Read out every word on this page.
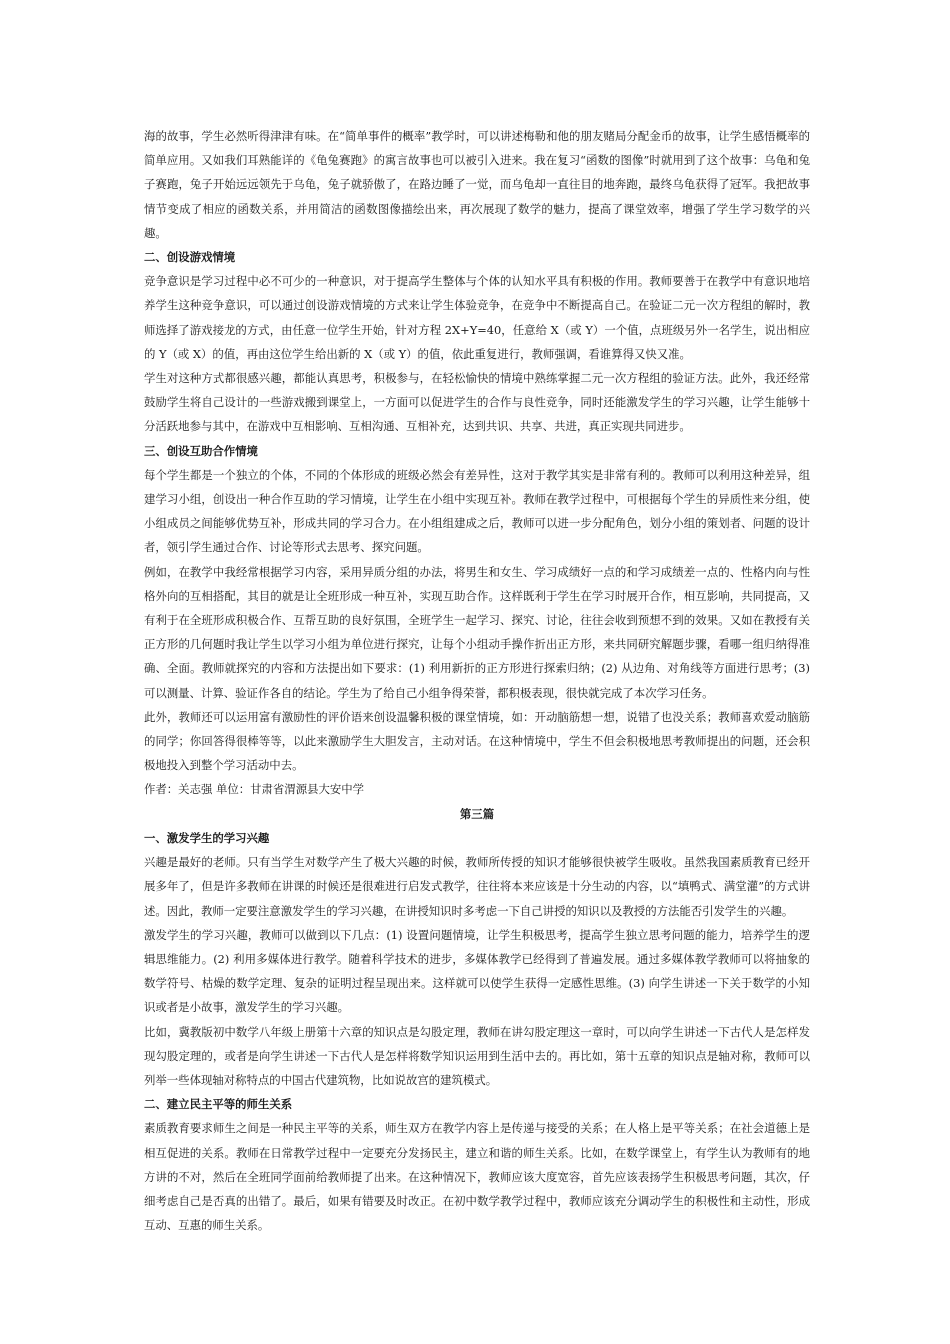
海的故事，学生必然听得津津有味。在“简单事件的概率”教学时，可以讲述梅勒和他的朋友赌局分配金币的故事，让学生感悟概率的简单应用。又如我们耳熟能详的《龟兔赛跑》的寓言故事也可以被引入进来。我在复习“函数的图像”时就用到了这个故事：乌龟和兔子赛跑，兔子开始远远领先于乌龟，兔子就骄傲了，在路边睡了一觉，而乌龟却一直往目的地奔跑，最终乌龟获得了冠军。我把故事情节变成了相应的函数关系，并用简洁的函数图像描绘出来，再次展现了数学的魅力，提高了课堂效率，增强了学生学习数学的兴趣。

二、创设游戏情境

竞争意识是学习过程中必不可少的一种意识，对于提高学生整体与个体的认知水平具有积极的作用。教师要善于在教学中有意识地培养学生这种竞争意识，可以通过创设游戏情境的方式来让学生体验竞争，在竞争中不断提高自己。在验证二元一次方程组的解时，教师选择了游戏接龙的方式，由任意一位学生开始，针对方程 2X+Y=40，任意给 X（或 Y）一个值，点班级另外一名学生，说出相应的 Y（或 X）的值，再由这位学生给出新的 X（或 Y）的值，依此重复进行，教师强调，看谁算得又快又准。

学生对这种方式都很感兴趣，都能认真思考，积极参与，在轻松愉快的情境中熟练掌握二元一次方程组的验证方法。此外，我还经常鼓励学生将自己设计的一些游戏搬到课堂上，一方面可以促进学生的合作与良性竞争，同时还能激发学生的学习兴趣，让学生能够十分活跃地参与其中，在游戏中互相影响、互相沟通、互相补充，达到共识、共享、共进，真正实现共同进步。

三、创设互助合作情境

每个学生都是一个独立的个体，不同的个体形成的班级必然会有差异性，这对于教学其实是非常有利的。教师可以利用这种差异，组建学习小组，创设出一种合作互助的学习情境，让学生在小组中实现互补。教师在教学过程中，可根据每个学生的异质性来分组，使小组成员之间能够优势互补，形成共同的学习合力。在小组组建成之后，教师可以进一步分配角色，划分小组的策划者、问题的设计者，领引学生通过合作、讨论等形式去思考、探究问题。

例如，在教学中我经常根据学习内容，采用异质分组的办法，将男生和女生、学习成绩好一点的和学习成绩差一点的、性格内向与性格外向的互相搭配，其目的就是让全班形成一种互补，实现互助合作。这样既利于学生在学习时展开合作，相互影响，共同提高，又有利于在全班形成积极合作、互帮互助的良好氛围，全班学生一起学习、探究、讨论，往往会收到预想不到的效果。又如在教授有关正方形的几何题时我让学生以学习小组为单位进行探究，让每个小组动手操作折出正方形，来共同研究解题步骤，看哪一组归纳得准确、全面。教师就探究的内容和方法提出如下要求：(1) 利用新折的正方形进行探索归纳；(2) 从边角、对角线等方面进行思考；(3) 可以测量、计算、验证作各自的结论。学生为了给自己小组争得荣誉，都积极表现，很快就完成了本次学习任务。

此外，教师还可以运用富有激励性的评价语来创设温馨积极的课堂情境，如：开动脑筋想一想，说错了也没关系；教师喜欢爱动脑筋的同学；你回答得很棒等等，以此来激励学生大胆发言，主动对话。在这种情境中，学生不但会积极地思考教师提出的问题，还会积极地投入到整个学习活动中去。

作者：关志强 单位：甘肃省渭源县大安中学

第三篇
一、激发学生的学习兴趣

兴趣是最好的老师。只有当学生对数学产生了极大兴趣的时候，教师所传授的知识才能够很快被学生吸收。虽然我国素质教育已经开展多年了，但是许多教师在讲课的时候还是很难进行启发式教学，往往将本来应该是十分生动的内容，以“填鸭式、满堂灌”的方式讲述。因此，教师一定要注意激发学生的学习兴趣，在讲授知识时多考虑一下自己讲授的知识以及教授的方法能否引发学生的兴趣。

激发学生的学习兴趣，教师可以做到以下几点：(1) 设置问题情境，让学生积极思考，提高学生独立思考问题的能力，培养学生的逻辑思维能力。(2) 利用多媒体进行教学。随着科学技术的进步，多媒体教学已经得到了普遍发展。通过多媒体教学教师可以将抽象的数学符号、枯燥的数学定理、复杂的证明过程呈现出来。这样就可以使学生获得一定感性思维。(3) 向学生讲述一下关于数学的小知识或者是小故事，激发学生的学习兴趣。

比如，冀教版初中数学八年级上册第十六章的知识点是勾股定理，教师在讲勾股定理这一章时，可以向学生讲述一下古代人是怎样发现勾股定理的，或者是向学生讲述一下古代人是怎样将数学知识运用到生活中去的。再比如，第十五章的知识点是轴对称，教师可以列举一些体现轴对称特点的中国古代建筑物，比如说故宫的建筑模式。

二、建立民主平等的师生关系

素质教育要求师生之间是一种民主平等的关系，师生双方在教学内容上是传递与接受的关系；在人格上是平等关系；在社会道德上是相互促进的关系。教师在日常教学过程中一定要充分发扬民主，建立和谐的师生关系。比如，在数学课堂上，有学生认为教师有的地方讲的不对，然后在全班同学面前给教师提了出来。在这种情况下，教师应该大度宽容，首先应该表扬学生积极思考问题，其次，仔细考虑自己是否真的出错了。最后，如果有错要及时改正。在初中数学教学过程中，教师应该充分调动学生的积极性和主动性，形成互动、互惠的师生关系。
